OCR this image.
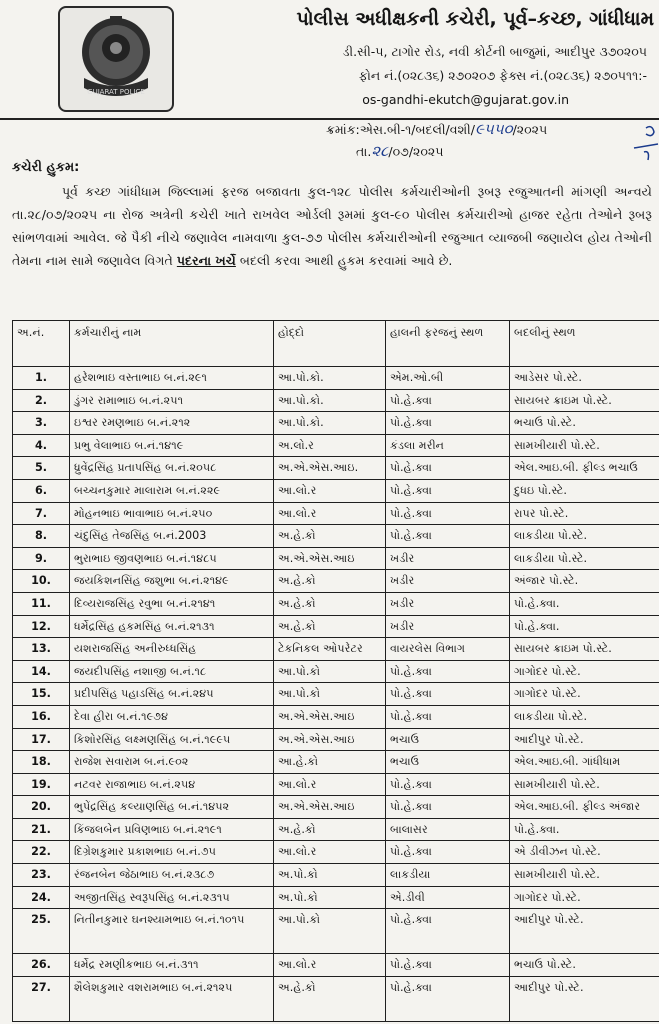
GUJARAT POLICE
પોલીસ અધીક્ષકની કચેરી, પૂર્વ–કચ્છ, ગાંધીધામ
ડી.સી-૫, ટાગોર રોડ, નવી કોર્ટની બાજુમાં, આદીપુર ૩૭૦૨૦૫
ફોન નં.(૦૨૮૩૬) ૨૭૦૨૦૭ ફેક્સ નં.(૦૨૮૩૬) ૨૭૦૫૧૧:-
os-gandhi-ekutch@gujarat.gov.in
ક્રમાંક:એસ.બી-૧/બદલી/વશી/૯૫૫૦/૨૦૨૫
તા.૨૮/૦૭/૨૦૨૫
કચેરી હુકમ:

પૂર્વ કચ્છ ગાંધીધામ જિલ્લામાં ફરજ બજાવતા કુલ-૧૨૮ પોલીસ કર્મચારીઓની રૂબરૂ રજુઆતની માંગણી અન્વયે તા.૨૮/૦૭/૨૦૨૫ ના રોજ અત્રેની કચેરી ખાતે રાખવેલ ઓર્ડલી રૂમમાં કુલ-૯૦ પોલીસ કર્મચારીઓ હાજર રહેતા તેઓને રૂબરૂ સાંભળવામાં આવેલ. જે પૈકી નીચે જણાવેલ નામવાળા કુલ-૭૭ પોલીસ કર્મચારીઓની રજુઆત વ્યાજબી જણાયેલ હોય તેઓની તેમના નામ સામે જણાવેલ વિગતે પદરના ખર્ચે બદલી કરવા આથી હુકમ કરવામાં આવે છે.

અ.નં.	કર્મચારીનું નામ	હોદ્દો	હાલની ફરજનું સ્થળ	બદલીનું સ્થળ
1.	હરેશભાઇ વસ્તાભાઇ બ.નં.૨૯૧	આ.પો.કો.	એમ.ઓ.બી	આડેસર પો.સ્ટે.
2.	ડુંગર રામાભાઇ બ.નં.૨૫૧	આ.પો.કો.	પો.હે.ક્વા	સાયબર ક્રાઇમ પો.સ્ટે.
3.	ઇશ્વર રમણભાઇ બ.નં.૨૧૨	આ.પો.કો.	પો.હે.ક્વા	ભચાઉ પો.સ્ટે.
4.	પ્રભુ વેલાભાઇ બ.નં.૧૪૧૯	અ.લો.ર	કંડલા મરીન	સામખીયારી પો.સ્ટે.
5.	ધ્રુવેંદ્રસિંહ પ્રતાપસિંહ બ.નં.૨૦૫૮	અ.એ.એસ.આઇ.	પો.હે.ક્વા	એલ.આઇ.બી. ફીલ્ડ ભચાઉ
6.	બચ્ચનકુમાર માલારામ બ.નં.૨૨૯	આ.લો.ર	પો.હે.ક્વા	દુધઇ પો.સ્ટે.
7.	મોહનભાઇ ભાવાભાઇ બ.નં.૨૫૦	આ.લો.ર	પો.હે.ક્વા	રાપર પો.સ્ટે.
8.	ચંદુસિંહ તેજસિંહ બ.નં.2003	અ.હે.કો	પો.હે.ક્વા	લાકડીયા પો.સ્ટે.
9.	ભુરાભાઇ જીવણભાઇ બ.નં.૧૪૮૫	અ.એ.એસ.આઇ	ખડીર	લાકડીયા પો.સ્ટે.
10.	જયકિશનસિંહ જશુભા બ.નં.૨૧૪૯	અ.હે.કો	ખડીર	અંજાર પો.સ્ટે.
11.	દિવ્યરાજસિંહ રવુભા બ.નં.૨૧૪૧	અ.હે.કો	ખડીર	પો.હે.ક્વા.
12.	ધર્મેદ્રસિંહ હકમસિંહ બ.નં.૨૧૩૧	અ.હે.કો	ખડીર	પો.હે.ક્વા.
13.	યશરાજસિંહ અનીરુધ્ધસિંહ	ટેકનિકલ ઓપરેટર	વાયરલેસ વિભાગ	સાયબર ક્રાઇમ પો.સ્ટે.
14.	જયદીપસિંહ નશાજી બ.નં.૧૮	આ.પો.કો	પો.હે.ક્વા	ગાગોદર પો.સ્ટે.
15.	પ્રદીપસિંહ પહાડસિંહ બ.નં.૨૪૫	આ.પો.કો	પો.હે.ક્વા	ગાગોદર પો.સ્ટે.
16.	દેવા હીરા બ.નં.૧૯૭૪	અ.એ.એસ.આઇ	પો.હે.ક્વા	લાકડીયા પો.સ્ટે.
17.	કિશોરસિંહ લક્ષ્મણસિંહ બ.નં.૧૯૯૫	અ.એ.એસ.આઇ	ભચાઉ	આદીપુર પો.સ્ટે.
18.	રાજેશ સવારામ બ.નં.૯૦૨	આ.હે.કો	ભચાઉ	એલ.આઇ.બી. ગાંધીધામ
19.	નટવર રાજાભાઇ બ.નં.૨૫૪	આ.લો.ર	પો.હે.ક્વા	સામખીયારી પો.સ્ટે.
20.	ભુપેંદ્રસિંહ કલ્યાણસિંહ બ.નં.૧૪૫૨	અ.એ.એસ.આઇ	પો.હે.ક્વા	એલ.આઇ.બી. ફીલ્ડ અંજાર
21.	કિંજલબેન પ્રવિણભાઇ બ.નં.૨૧૯૧	અ.હે.કો	બાલાસર	પો.હે.ક્વા.
22.	દિગ્રેશકુમાર પ્રકાશભાઇ બ.નં.૭૫	આ.લો.ર	પો.હે.ક્વા	એ ડીવીઝન પો.સ્ટે.
23.	રંજનબેન જેઠાભાઇ બ.નં.૨૩૮૭	અ.પો.કો	લાકડીયા	સામખીયારી પો.સ્ટે.
24.	અજીતસિંહ સ્વરૂપસિંહ બ.નં.૨૩૧૫	અ.પો.કો	એ.ડીવી	ગાગોદર પો.સ્ટે.
25.	નિતીનકુમાર ઘનશ્યામભાઇ બ.નં.૧૦૧૫	આ.પો.કો	પો.હે.ક્વા	આદીપુર પો.સ્ટે.
26.	ધર્મેદ્ર રમણીકભાઇ બ.નં.૩૧૧	આ.લો.ર	પો.હે.ક્વા	ભચાઉ પો.સ્ટે.
27.	શૈલેશકુમાર વશરામભાઇ બ.નં.૨૧૨૫	અ.હે.કો	પો.હે.ક્વા	આદીપુર પો.સ્ટે.
